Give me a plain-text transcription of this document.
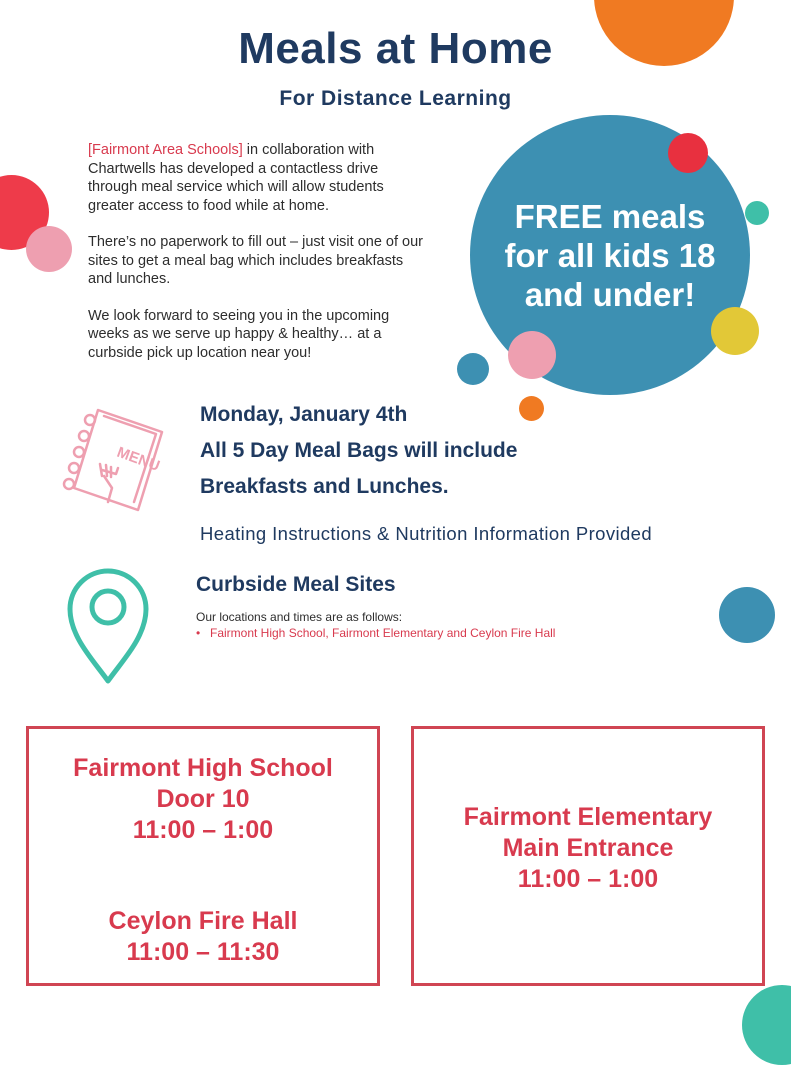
Meals at Home
For Distance Learning

[Fairmont Area Schools] in collaboration with Chartwells has developed a contactless drive through meal service which will allow students greater access to food while at home.

There’s no paperwork to fill out – just visit one of our sites to get a meal bag which includes breakfasts and lunches.

We look forward to seeing you in the upcoming weeks as we serve up happy & healthy… at a curbside pick up location near you!

FREE meals
for all kids 18
and under!
MENU
Monday, January 4th
All 5 Day Meal Bags will include
Breakfasts and Lunches.
Heating Instructions & Nutrition Information Provided
Curbside Meal Sites
Our locations and times are as follows:
• Fairmont High School, Fairmont Elementary and Ceylon Fire Hall
Fairmont High School
Door 10
11:00 – 1:00
Ceylon Fire Hall
11:00 – 11:30
Fairmont Elementary
Main Entrance
11:00 – 1:00
